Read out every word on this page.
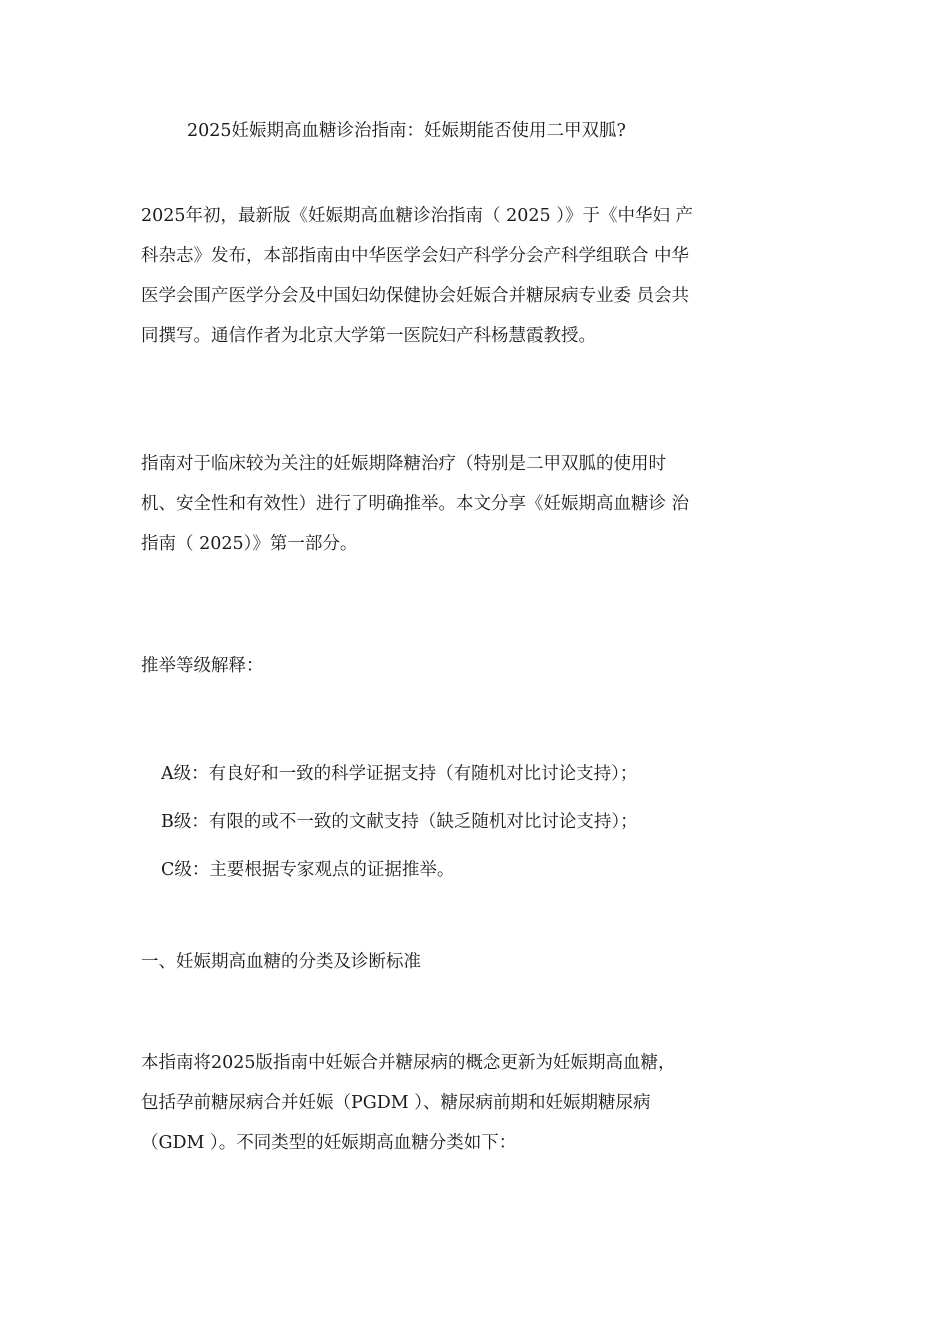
2025妊娠期高血糖诊治指南：妊娠期能否使用二甲双胍?
2025年初，最新版《妊娠期高血糖诊治指南（ 2025 ）》于《中华妇 产
科杂志》发布，本部指南由中华医学会妇产科学分会产科学组联合 中华
医学会围产医学分会及中国妇幼保健协会妊娠合并糖尿病专业委 员会共
同撰写。通信作者为北京大学第一医院妇产科杨慧霞教授。
指南对于临床较为关注的妊娠期降糖治疗（特别是二甲双胍的使用时
机、安全性和有效性）进行了明确推举。本文分享《妊娠期高血糖诊 治
指南（ 2025）》第一部分。
推举等级解释：
A级：有良好和一致的科学证据支持（有随机对比讨论支持）；
B级：有限的或不一致的文献支持（缺乏随机对比讨论支持）；
C级：主要根据专家观点的证据推举。
一、妊娠期高血糖的分类及诊断标准
本指南将2025版指南中妊娠合并糖尿病的概念更新为妊娠期高血糖，
包括孕前糖尿病合并妊娠（PGDM ）、糖尿病前期和妊娠期糖尿病
（GDM ）。不同类型的妊娠期高血糖分类如下：
